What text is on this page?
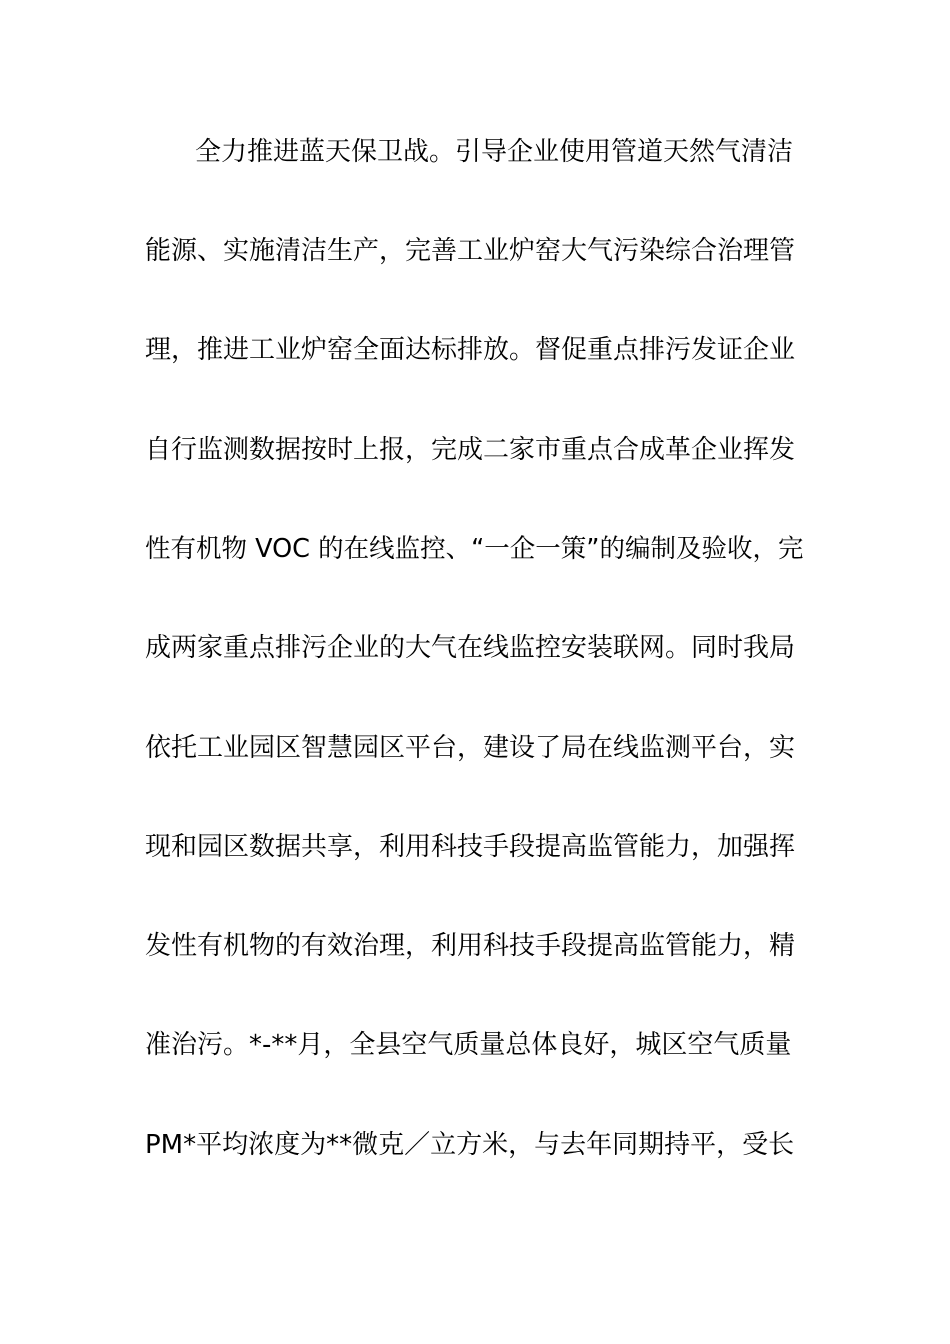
全力推进蓝天保卫战。引导企业使用管道天然气清洁
能源、实施清洁生产，完善工业炉窑大气污染综合治理管
理，推进工业炉窑全面达标排放。督促重点排污发证企业
自行监测数据按时上报，完成二家市重点合成革企业挥发
性有机物 VOC 的在线监控、“一企一策”的编制及验收，完
成两家重点排污企业的大气在线监控安装联网。同时我局
依托工业园区智慧园区平台，建设了局在线监测平台，实
现和园区数据共享，利用科技手段提高监管能力，加强挥
发性有机物的有效治理，利用科技手段提高监管能力，精
准治污。*-**月，全县空气质量总体良好，城区空气质量
PM*平均浓度为**微克／立方米，与去年同期持平，受长
